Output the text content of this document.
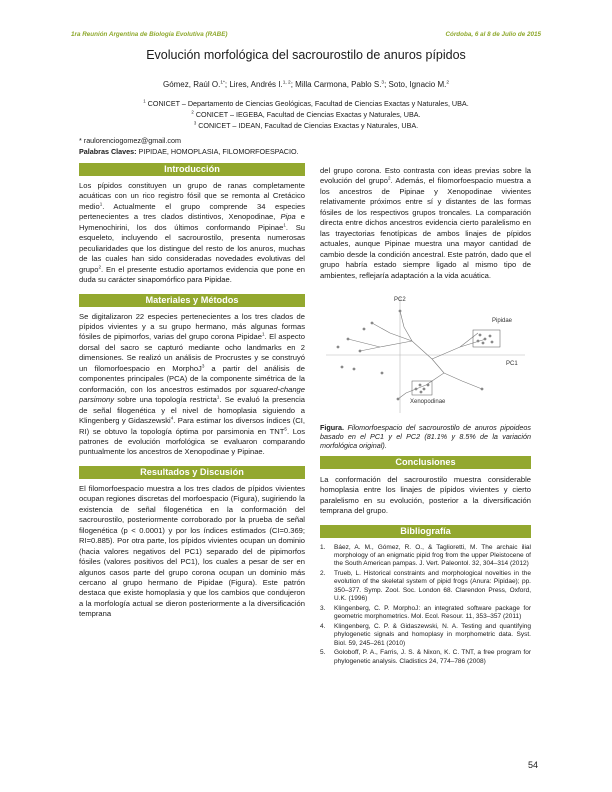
1ra Reunión Argentina de Biología Evolutiva (RABE)	Córdoba, 6 al 8 de Julio de 2015
Evolución morfológica del sacrourostilo de anuros pípidos
Gómez, Raúl O.$^{1*}$; Lires, Andrés I.$^{1, 2}$; Milla Carmona, Pablo S.$^3$; Soto, Ignacio M.$^2$
$^1$ CONICET – Departamento de Ciencias Geológicas, Facultad de Ciencias Exactas y Naturales, UBA.
$^2$ CONICET – IEGEBA, Facultad de Ciencias Exactas y Naturales, UBA.
$^3$ CONICET – IDEAN, Facultad de Ciencias Exactas y Naturales, UBA.
* raulorenciogomez@gmail.com
Palabras Claves: PIPIDAE, HOMOPLASIA, FILOMORFOESPACIO.
Introducción

Los pípidos constituyen un grupo de ranas completamente acuáticas con un rico registro fósil que se remonta al Cretácico medio$^1$. Actualmente el grupo comprende 34 especies pertenecientes a tres clados distintivos, Xenopodinae, Pipa e Hymenochirini, los dos últimos conformando Pipinae$^1$. Su esqueleto, incluyendo el sacrourostilo, presenta numerosas peculiaridades que los distingue del resto de los anuros, muchas de las cuales han sido consideradas novedades evolutivas del grupo$^2$. En el presente estudio aportamos evidencia que pone en duda su carácter sinapomórfico para Pipidae.

Materiales y Métodos

Se digitalizaron 22 especies pertenecientes a los tres clados de pípidos vivientes y a su grupo hermano, más algunas formas fósiles de pipimorfos, varias del grupo corona Pipidae$^1$. El aspecto dorsal del sacro se capturó mediante ocho landmarks en 2 dimensiones. Se realizó un análisis de Procrustes y se construyó un filomorfoespacio en MorphoJ$^3$ a partir del análisis de componentes principales (PCA) de la componente simétrica de la conformación, con los ancestros estimados por squared-change parsimony sobre una topología restricta$^1$. Se evaluó la presencia de señal filogenética y el nivel de homoplasia siguiendo a Klingenberg y Gidaszewski$^4$. Para estimar los diversos índices (CI, RI) se obtuvo la topología óptima por parsimonia en TNT$^5$. Los patrones de evolución morfológica se evaluaron comparando puntualmente los ancestros de Xenopodinae y Pipinae.

Resultados y Discusión

El filomorfoespacio muestra a los tres clados de pípidos vivientes ocupan regiones discretas del morfoespacio (Figura), sugiriendo la existencia de señal filogenética en la conformación del sacrourostilo, posteriormente corroborado por la prueba de señal filogenética (p < 0.0001) y por los índices estimados (CI=0.369; RI=0.885). Por otra parte, los pípidos vivientes ocupan un dominio (hacia valores negativos del PC1) separado del de pipimorfos fósiles (valores positivos del PC1), los cuales a pesar de ser en algunos casos parte del grupo corona ocupan un dominio más cercano al grupo hermano de Pipidae (Figura). Este patrón destaca que existe homoplasia y que los cambios que condujeron a la morfología actual se dieron posteriormente a la diversificación temprana

del grupo corona. Esto contrasta con ideas previas sobre la evolución del grupo$^2$. Además, el filomorfoespacio muestra a los ancestros de Pipinae y Xenopodinae vivientes relativamente próximos entre sí y distantes de las formas fósiles de los respectivos grupos troncales. La comparación directa entre dichos ancestros evidencia cierto paralelismo en las trayectorias fenotípicas de ambos linajes de pípidos actuales, aunque Pipinae muestra una mayor cantidad de cambio desde la condición ancestral. Este patrón, dado que el grupo habría estado siempre ligado al mismo tipo de ambientes, reflejaría adaptación a la vida acuática.

PC2
PC1
Pipidae
Xenopodinae

Figura. Filomorfoespacio del sacrourostilo de anuros pipoideos basado en el PC1 y el PC2 (81.1% y 8.5% de la variación morfológica original).

Conclusiones

La conformación del sacrourostilo muestra considerable homoplasia entre los linajes de pípidos vivientes y cierto paralelismo en su evolución, posterior a la diversificación temprana del grupo.

Bibliografía
1.	Báez, A. M., Gómez, R. O., & Taglioretti, M. The archaic ilial morphology of an enigmatic pipid frog from the upper Pleistocene of the South American pampas. J. Vert. Paleontol. 32, 304–314 (2012)
2.	Trueb, L. Historical constraints and morphological novelties in the evolution of the skeletal system of pipid frogs (Anura: Pipidae); pp. 350–377. Symp. Zool. Soc. London 68. Clarendon Press, Oxford, U.K. (1996)
3.	Klingenberg, C. P. MorphoJ: an integrated software package for geometric morphometrics. Mol. Ecol. Resour. 11, 353–357 (2011)
4.	Klingenberg, C. P. & Gidaszewski, N. A. Testing and quantifying phylogenetic signals and homoplasy in morphometric data. Syst. Biol. 59, 245–261 (2010)
5.	Goloboff, P. A., Farris, J. S. & Nixon, K. C. TNT, a free program for phylogenetic analysis. Cladistics 24, 774–786 (2008)
54
